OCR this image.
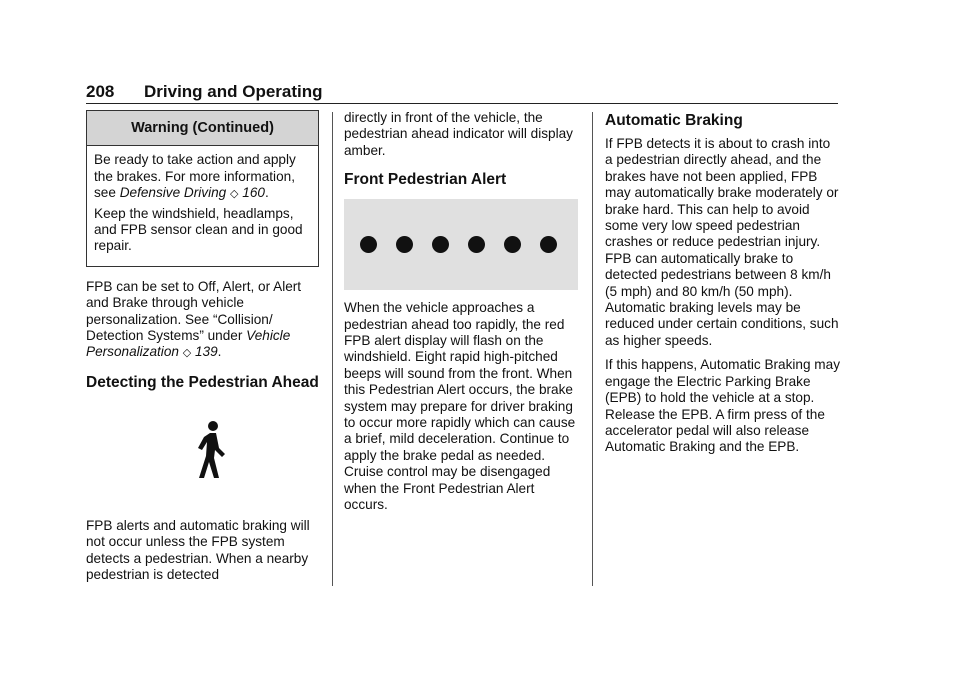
208 Driving and Operating
Warning (Continued)

Be ready to take action and apply the brakes. For more information, see Defensive Driving ◇ 160.

Keep the windshield, headlamps, and FPB sensor clean and in good repair.

FPB can be set to Off, Alert, or Alert and Brake through vehicle personalization. See “Collision/ Detection Systems” under Vehicle Personalization ◇ 139.

Detecting the Pedestrian Ahead

FPB alerts and automatic braking will not occur unless the FPB system detects a pedestrian. When a nearby pedestrian is detected

directly in front of the vehicle, the pedestrian ahead indicator will display amber.

Front Pedestrian Alert

When the vehicle approaches a pedestrian ahead too rapidly, the red FPB alert display will flash on the windshield. Eight rapid high-pitched beeps will sound from the front. When this Pedestrian Alert occurs, the brake system may prepare for driver braking to occur more rapidly which can cause a brief, mild deceleration. Continue to apply the brake pedal as needed. Cruise control may be disengaged when the Front Pedestrian Alert occurs.

Automatic Braking

If FPB detects it is about to crash into a pedestrian directly ahead, and the brakes have not been applied, FPB may automatically brake moderately or brake hard. This can help to avoid some very low speed pedestrian crashes or reduce pedestrian injury. FPB can automatically brake to detected pedestrians between 8 km/h (5 mph) and 80 km/h (50 mph). Automatic braking levels may be reduced under certain conditions, such as higher speeds.

If this happens, Automatic Braking may engage the Electric Parking Brake (EPB) to hold the vehicle at a stop. Release the EPB. A firm press of the accelerator pedal will also release Automatic Braking and the EPB.
